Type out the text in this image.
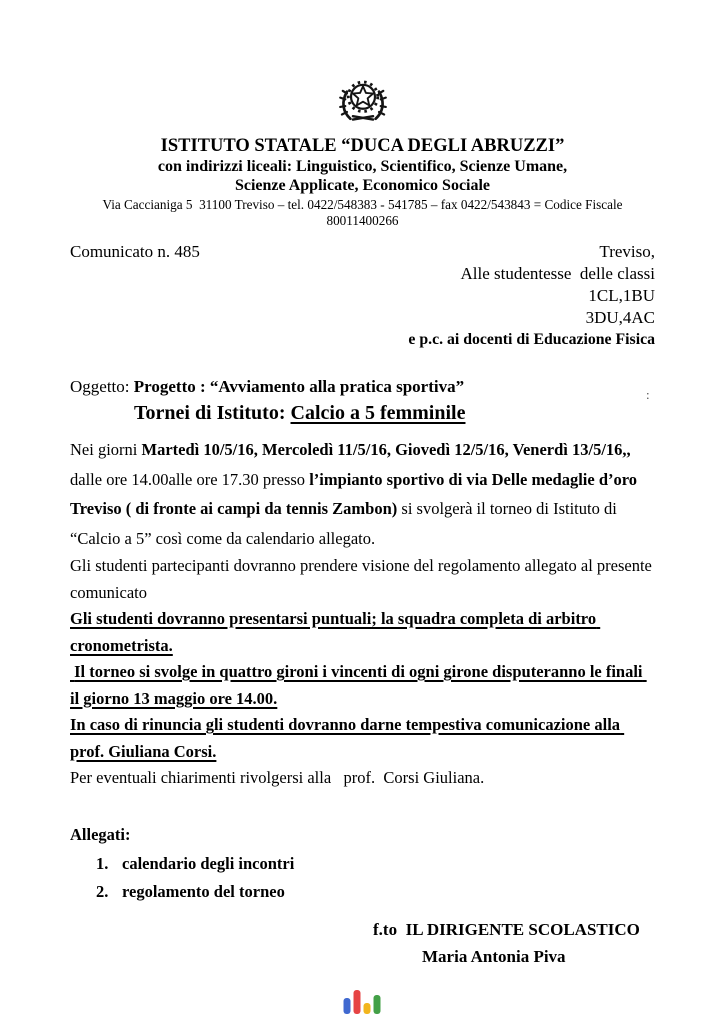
ISTITUTO STATALE “DUCA DEGLI ABRUZZI”
con indirizzi liceali: Linguistico, Scientifico, Scienze Umane,
Scienze Applicate, Economico Sociale
Via Caccianiga 5  31100 Treviso – tel. 0422/548383 - 541785 – fax 0422/543843 = Codice Fiscale 80011400266
Comunicato n. 485	Treviso,
Alle studentesse  delle classi
1CL,1BU
3DU,4AC
e p.c. ai docenti di Educazione Fisica
Oggetto: Progetto : “Avviamento alla pratica sportiva”
Tornei di Istituto: Calcio a 5 femminile
:

Nei giorni Martedì 10/5/16, Mercoledì 11/5/16, Giovedì 12/5/16, Venerdì 13/5/16,, dalle ore 14.00alle ore 17.30 presso l’impianto sportivo di via Delle medaglie d’oro Treviso ( di fronte ai campi da tennis Zambon) si svolgerà il torneo di Istituto di “Calcio a 5” così come da calendario allegato.

Gli studenti partecipanti dovranno prendere visione del regolamento allegato al presente comunicato

Gli studenti dovranno presentarsi puntuali; la squadra completa di arbitro cronometrista.

Il torneo si svolge in quattro gironi i vincenti di ogni girone disputeranno le finali il giorno 13 maggio ore 14.00.

In caso di rinuncia gli studenti dovranno darne tempestiva comunicazione alla prof. Giuliana Corsi.

Per eventuali chiarimenti rivolgersi alla   prof.  Corsi Giuliana.

Allegati:
1. calendario degli incontri
2. regolamento del torneo
f.to  IL DIRIGENTE SCOLASTICO
Maria Antonia Piva
